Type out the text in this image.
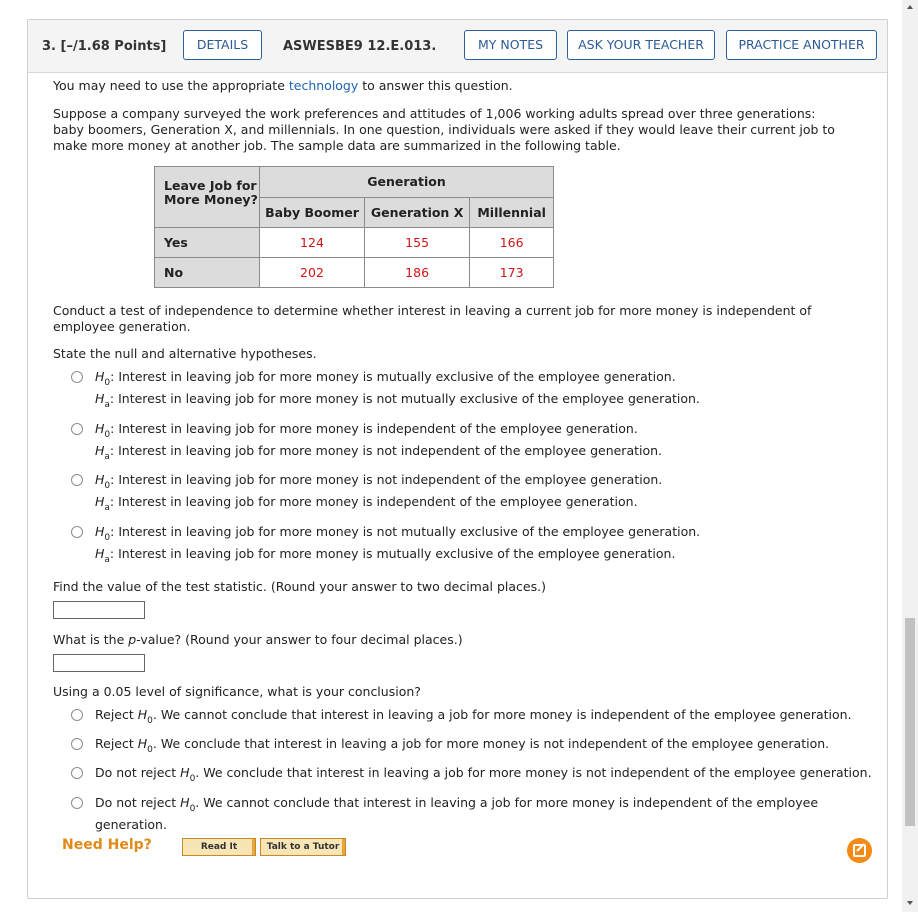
3. [–/1.68 Points]	DETAILS	ASWESBE9 12.E.013.	MY NOTES	ASK YOUR TEACHER	PRACTICE ANOTHER
You may need to use the appropriate technology to answer this question.
Suppose a company surveyed the work preferences and attitudes of 1,006 working adults spread over three generations: baby boomers, Generation X, and millennials. In one question, individuals were asked if they would leave their current job to make more money at another job. The sample data are summarized in the following table.
Leave Job for More Money?	Generation		
	Baby Boomer	Generation X	Millennial
Yes	124	155	166
No	202	186	173
Conduct a test of independence to determine whether interest in leaving a current job for more money is independent of employee generation.
State the null and alternative hypotheses.
$H_0$: Interest in leaving job for more money is mutually exclusive of the employee generation.
$H_a$: Interest in leaving job for more money is not mutually exclusive of the employee generation.
$H_0$: Interest in leaving job for more money is independent of the employee generation.
$H_a$: Interest in leaving job for more money is not independent of the employee generation.
$H_0$: Interest in leaving job for more money is not independent of the employee generation.
$H_a$: Interest in leaving job for more money is independent of the employee generation.
$H_0$: Interest in leaving job for more money is not mutually exclusive of the employee generation.
$H_a$: Interest in leaving job for more money is mutually exclusive of the employee generation.
Find the value of the test statistic. (Round your answer to two decimal places.)
What is the p-value? (Round your answer to four decimal places.)
Using a 0.05 level of significance, what is your conclusion?
Reject $H_0$. We cannot conclude that interest in leaving a job for more money is independent of the employee generation.
Reject $H_0$. We conclude that interest in leaving a job for more money is not independent of the employee generation.
Do not reject $H_0$. We conclude that interest in leaving a job for more money is not independent of the employee generation.
Do not reject $H_0$. We cannot conclude that interest in leaving a job for more money is independent of the employee
generation.
Need Help?	Read It	Talk to a Tutor
